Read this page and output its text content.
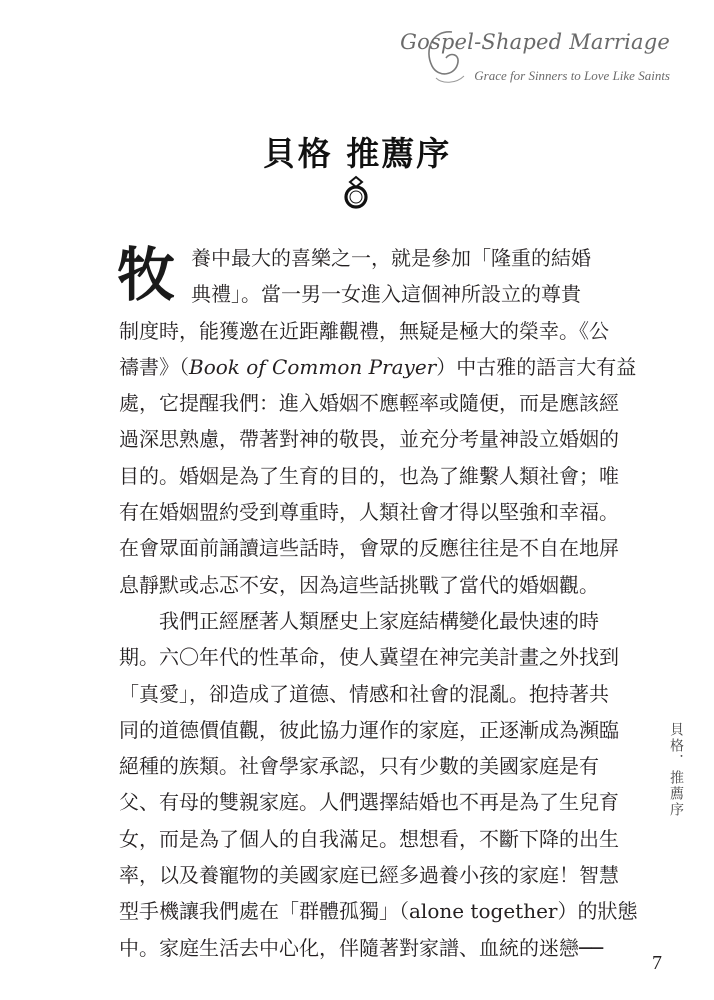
Gospel-Shaped Marriage
Grace for Sinners to Love Like Saints
貝格 推薦序
牧 養中最大的喜樂之一，就是參加「隆重的結婚
典禮」。當一男一女進入這個神所設立的尊貴
制度時，能獲邀在近距離觀禮，無疑是極大的榮幸。《公
禱書》（Book of Common Prayer）中古雅的語言大有益
處，它提醒我們：進入婚姻不應輕率或隨便，而是應該經
過深思熟慮，帶著對神的敬畏，並充分考量神設立婚姻的
目的。婚姻是為了生育的目的，也為了維繫人類社會；唯
有在婚姻盟約受到尊重時，人類社會才得以堅強和幸福。
在會眾面前誦讀這些話時，會眾的反應往往是不自在地屏
息靜默或忐忑不安，因為這些話挑戰了當代的婚姻觀。
我們正經歷著人類歷史上家庭結構變化最快速的時
期。六〇年代的性革命，使人冀望在神完美計畫之外找到
「真愛」，卻造成了道德、情感和社會的混亂。抱持著共
同的道德價值觀，彼此協力運作的家庭，正逐漸成為瀕臨
絕種的族類。社會學家承認，只有少數的美國家庭是有
父、有母的雙親家庭。人們選擇結婚也不再是為了生兒育
女，而是為了個人的自我滿足。想想看，不斷下降的出生
率，以及養寵物的美國家庭已經多過養小孩的家庭！智慧
型手機讓我們處在「群體孤獨」（alone together）的狀態
中。家庭生活去中心化，伴隨著對家譜、血統的迷戀──
貝格．推薦序
7
